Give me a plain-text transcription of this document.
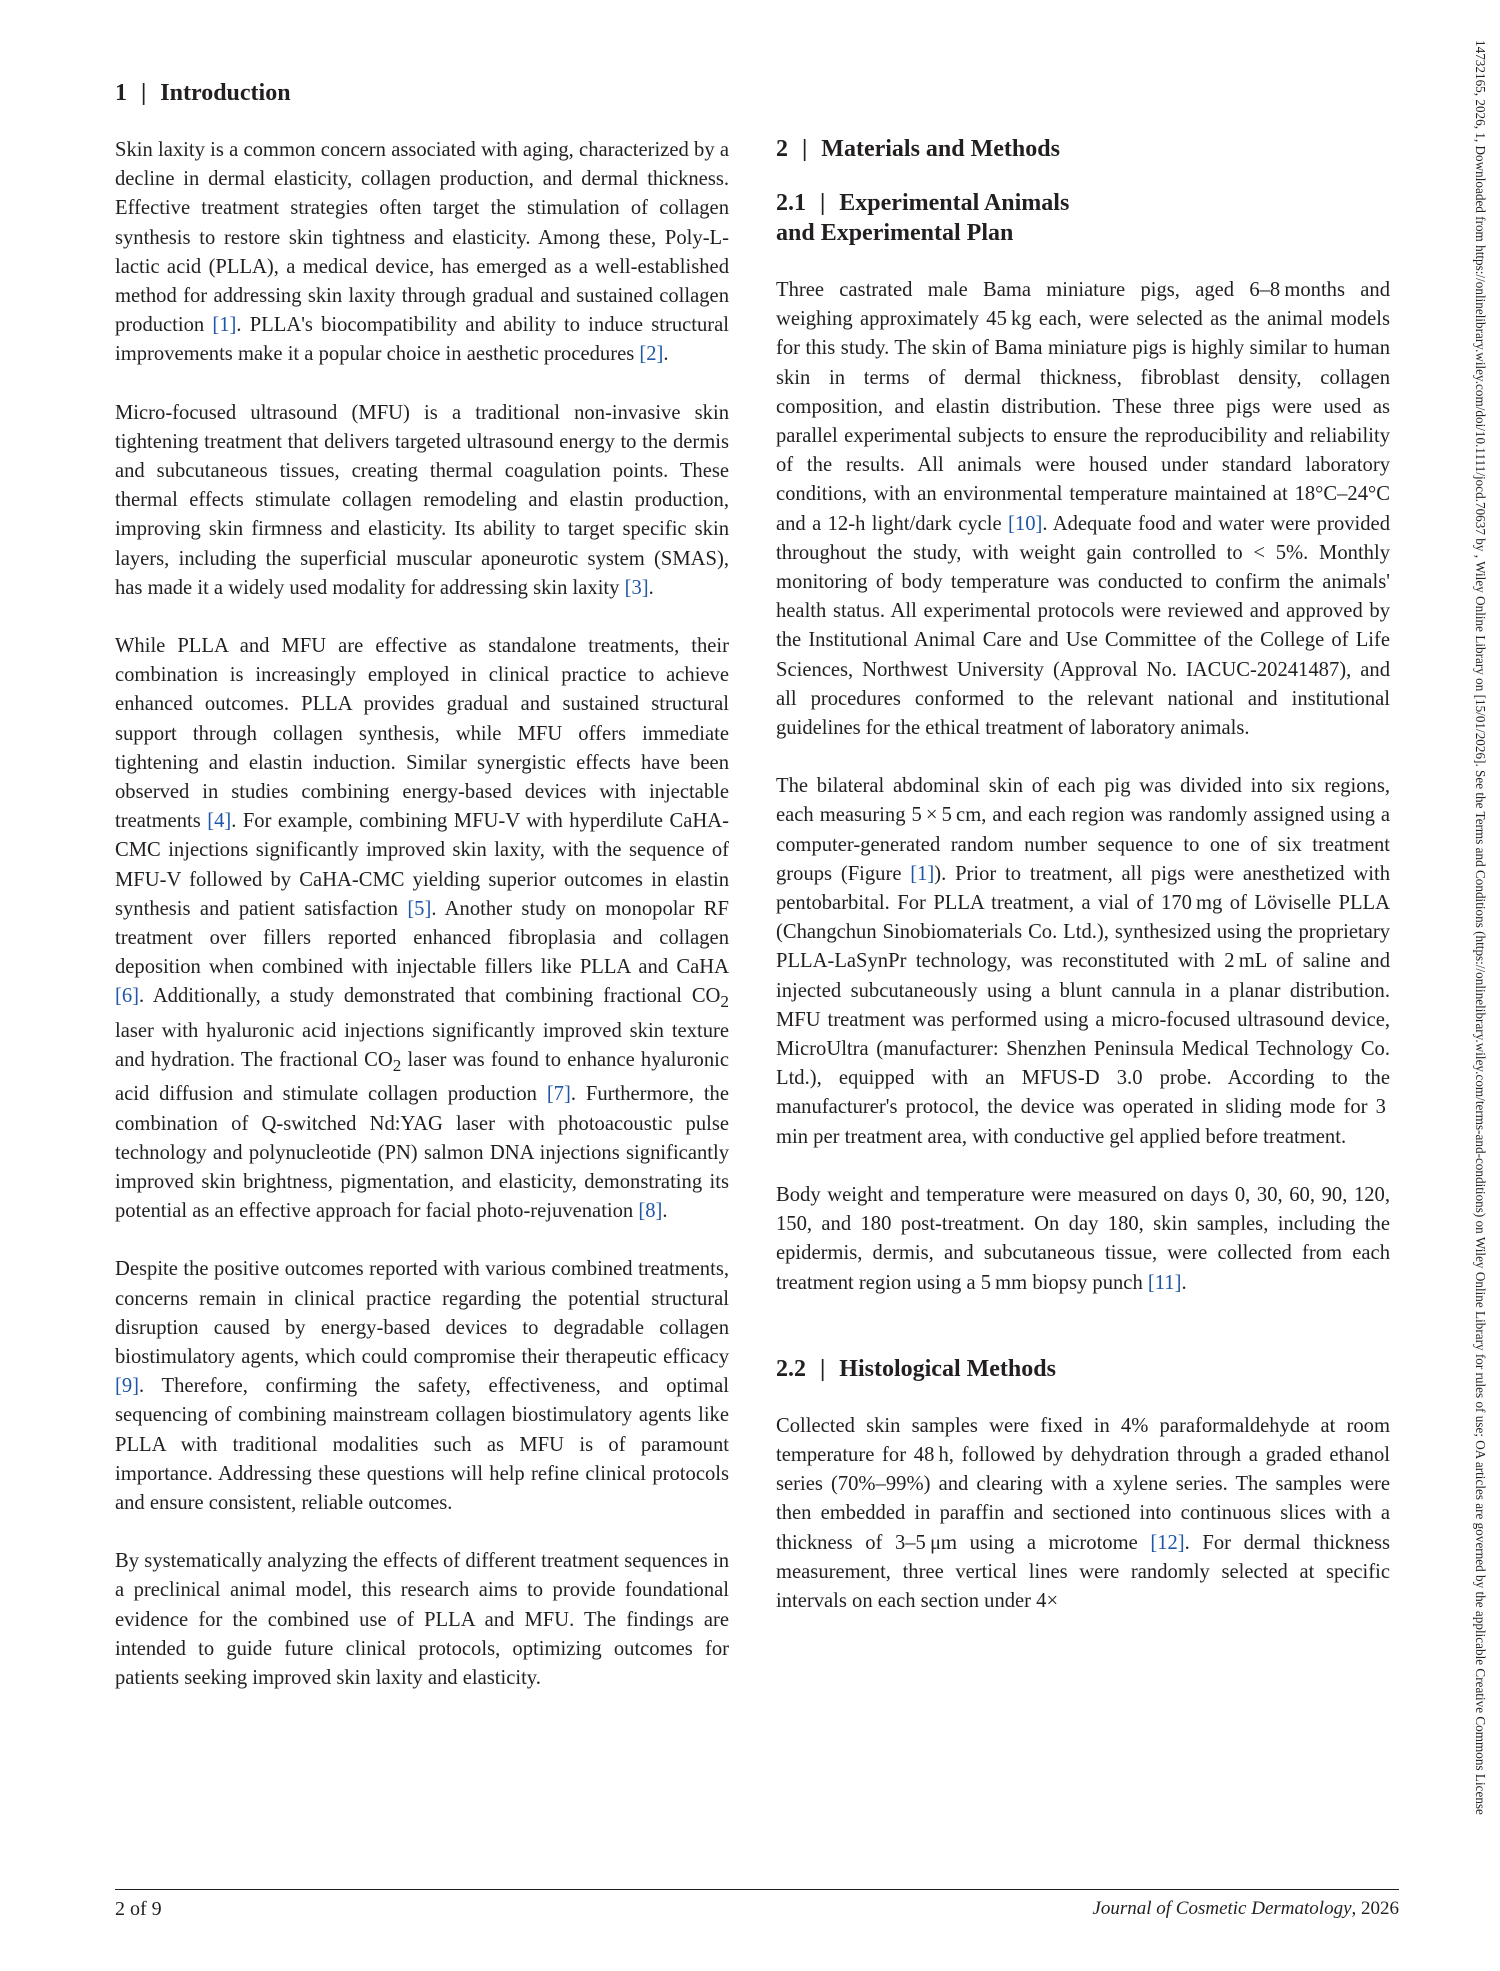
1 | Introduction

Skin laxity is a common concern associated with aging, characterized by a decline in dermal elasticity, collagen production, and dermal thickness. Effective treatment strategies often target the stimulation of collagen synthesis to restore skin tightness and elasticity. Among these, Poly-L-lactic acid (PLLA), a medical device, has emerged as a well-established method for addressing skin laxity through gradual and sustained collagen production [1]. PLLA's biocompatibility and ability to induce structural improvements make it a popular choice in aesthetic procedures [2].

Micro-focused ultrasound (MFU) is a traditional non-invasive skin tightening treatment that delivers targeted ultrasound energy to the dermis and subcutaneous tissues, creating thermal coagulation points. These thermal effects stimulate collagen remodeling and elastin production, improving skin firmness and elasticity. Its ability to target specific skin layers, including the superficial muscular aponeurotic system (SMAS), has made it a widely used modality for addressing skin laxity [3].

While PLLA and MFU are effective as standalone treatments, their combination is increasingly employed in clinical practice to achieve enhanced outcomes. PLLA provides gradual and sustained structural support through collagen synthesis, while MFU offers immediate tightening and elastin induction. Similar synergistic effects have been observed in studies combining energy-based devices with injectable treatments [4]. For example, combining MFU-V with hyperdilute CaHA-CMC injections significantly improved skin laxity, with the sequence of MFU-V followed by CaHA-CMC yielding superior outcomes in elastin synthesis and patient satisfaction [5]. Another study on monopolar RF treatment over fillers reported enhanced fibroplasia and collagen deposition when combined with injectable fillers like PLLA and CaHA [6]. Additionally, a study demonstrated that combining fractional $CO_2$ laser with hyaluronic acid injections significantly improved skin texture and hydration. The fractional $CO_2$ laser was found to enhance hyaluronic acid diffusion and stimulate collagen production [7]. Furthermore, the combination of Q-switched Nd:YAG laser with photoacoustic pulse technology and polynucleotide (PN) salmon DNA injections significantly improved skin brightness, pigmentation, and elasticity, demonstrating its potential as an effective approach for facial photo-rejuvenation [8].

Despite the positive outcomes reported with various combined treatments, concerns remain in clinical practice regarding the potential structural disruption caused by energy-based devices to degradable collagen biostimulatory agents, which could compromise their therapeutic efficacy [9]. Therefore, confirming the safety, effectiveness, and optimal sequencing of combining mainstream collagen biostimulatory agents like PLLA with traditional modalities such as MFU is of paramount importance. Addressing these questions will help refine clinical protocols and ensure consistent, reliable outcomes.

By systematically analyzing the effects of different treatment sequences in a preclinical animal model, this research aims to provide foundational evidence for the combined use of PLLA and MFU. The findings are intended to guide future clinical protocols, optimizing outcomes for patients seeking improved skin laxity and elasticity.

2 | Materials and Methods
2.1 | Experimental Animals
and Experimental Plan

Three castrated male Bama miniature pigs, aged 6–8 months and weighing approximately 45 kg each, were selected as the animal models for this study. The skin of Bama miniature pigs is highly similar to human skin in terms of dermal thickness, fibroblast density, collagen composition, and elastin distribution. These three pigs were used as parallel experimental subjects to ensure the reproducibility and reliability of the results. All animals were housed under standard laboratory conditions, with an environmental temperature maintained at 18°C–24°C and a 12-h light/dark cycle [10]. Adequate food and water were provided throughout the study, with weight gain controlled to < 5%. Monthly monitoring of body temperature was conducted to confirm the animals' health status. All experimental protocols were reviewed and approved by the Institutional Animal Care and Use Committee of the College of Life Sciences, Northwest University (Approval No. IACUC-20241487), and all procedures conformed to the relevant national and institutional guidelines for the ethical treatment of laboratory animals.

The bilateral abdominal skin of each pig was divided into six regions, each measuring 5 × 5 cm, and each region was randomly assigned using a computer-generated random number sequence to one of six treatment groups (Figure [1]). Prior to treatment, all pigs were anesthetized with pentobarbital. For PLLA treatment, a vial of 170 mg of Löviselle PLLA (Changchun Sinobiomaterials Co. Ltd.), synthesized using the proprietary PLLA-LaSynPr technology, was reconstituted with 2 mL of saline and injected subcutaneously using a blunt cannula in a planar distribution. MFU treatment was performed using a micro-focused ultrasound device, MicroUltra (manufacturer: Shenzhen Peninsula Medical Technology Co. Ltd.), equipped with an MFUS-D 3.0 probe. According to the manufacturer's protocol, the device was operated in sliding mode for 3 min per treatment area, with conductive gel applied before treatment.

Body weight and temperature were measured on days 0, 30, 60, 90, 120, 150, and 180 post-treatment. On day 180, skin samples, including the epidermis, dermis, and subcutaneous tissue, were collected from each treatment region using a 5 mm biopsy punch [11].

2.2 | Histological Methods

Collected skin samples were fixed in 4% paraformaldehyde at room temperature for 48 h, followed by dehydration through a graded ethanol series (70%–99%) and clearing with a xylene series. The samples were then embedded in paraffin and sectioned into continuous slices with a thickness of 3–5 μm using a microtome [12]. For dermal thickness measurement, three vertical lines were randomly selected at specific intervals on each section under 4×

2 of 9	Journal of Cosmetic Dermatology, 2026
14732165, 2026, 1, Downloaded from https://onlinelibrary.wiley.com/doi/10.1111/jocd.70637 by , Wiley Online Library on [15/01/2026]. See the Terms and Conditions (https://onlinelibrary.wiley.com/terms-and-conditions) on Wiley Online Library for rules of use; OA articles are governed by the applicable Creative Commons License
